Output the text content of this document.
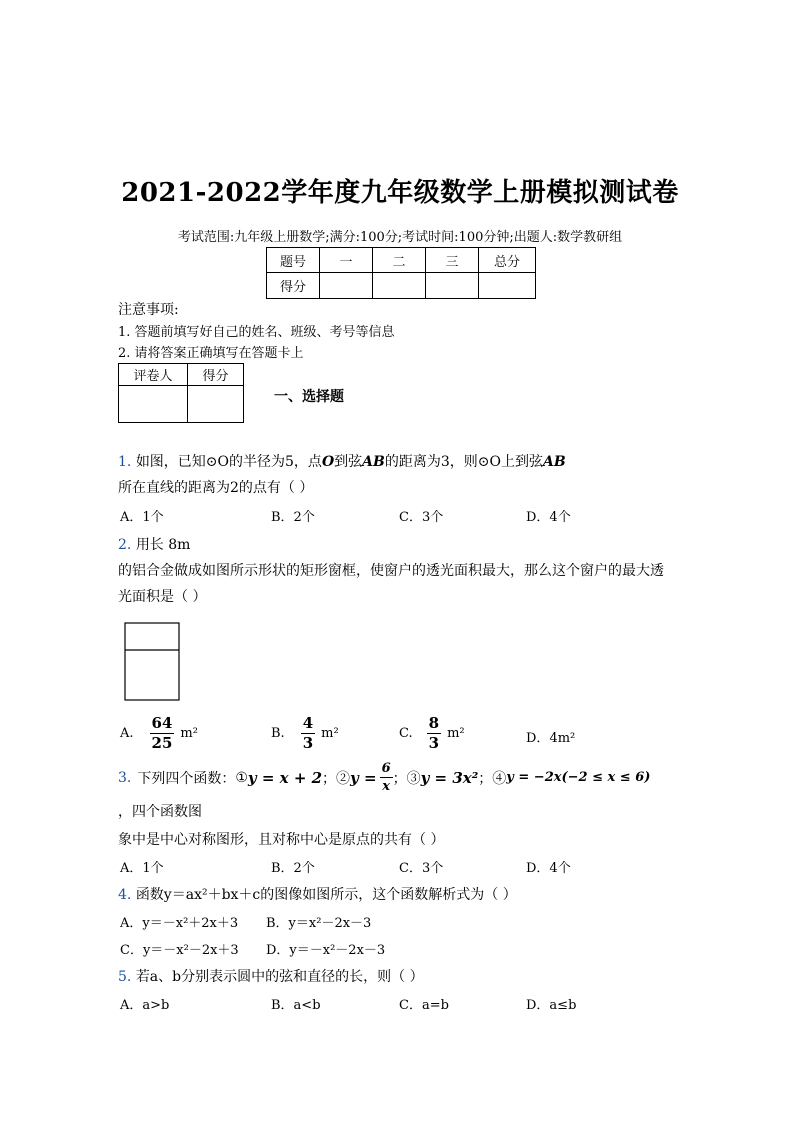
2021-2022学年度九年级数学上册模拟测试卷
考试范围:九年级上册数学;满分:100分;考试时间:100分钟;出题人:数学教研组
题号	一	二	三	总分
得分				
注意事项:
1. 答题前填写好自己的姓名、班级、考号等信息
2. 请将答案正确填写在答题卡上
评卷人	得分

一、选择题
1. 如图，已知⊙O的半径为5，点O到弦AB的距离为3，则⊙O上到弦AB
所在直线的距离为2的点有（ ）
A．1个	B．2个	C．3个	D．4个
2. 用长 8m
的铝合金做成如图所示形状的矩形窗框，使窗户的透光面积最大，那么这个窗户的最大透
光面积是（ ）
A. $\frac{64}{25} m^2$	B. $\frac{4}{3} m^2$	C. $\frac{8}{3} m^2$	D．4m²
3. 下列四个函数： ① y = x + 2 ；② $y = \frac{6}{x}$ ；③ y = 3x² ；④ y = −2x(−2 ≤ x ≤ 6)
，四个函数图
象中是中心对称图形，且对称中心是原点的共有（ ）
A．1个	B．2个	C．3个	D．4个
4. 函数y＝ax²＋bx＋c的图像如图所示，这个函数解析式为（ ）
A．y＝－x²＋2x＋3 B．y＝x²－2x－3
C．y＝－x²－2x＋3 D．y＝－x²－2x－3
5. 若a、b分别表示圆中的弦和直径的长，则（ ）
A．a>b	B．a<b	C．a=b	D．a≤b
